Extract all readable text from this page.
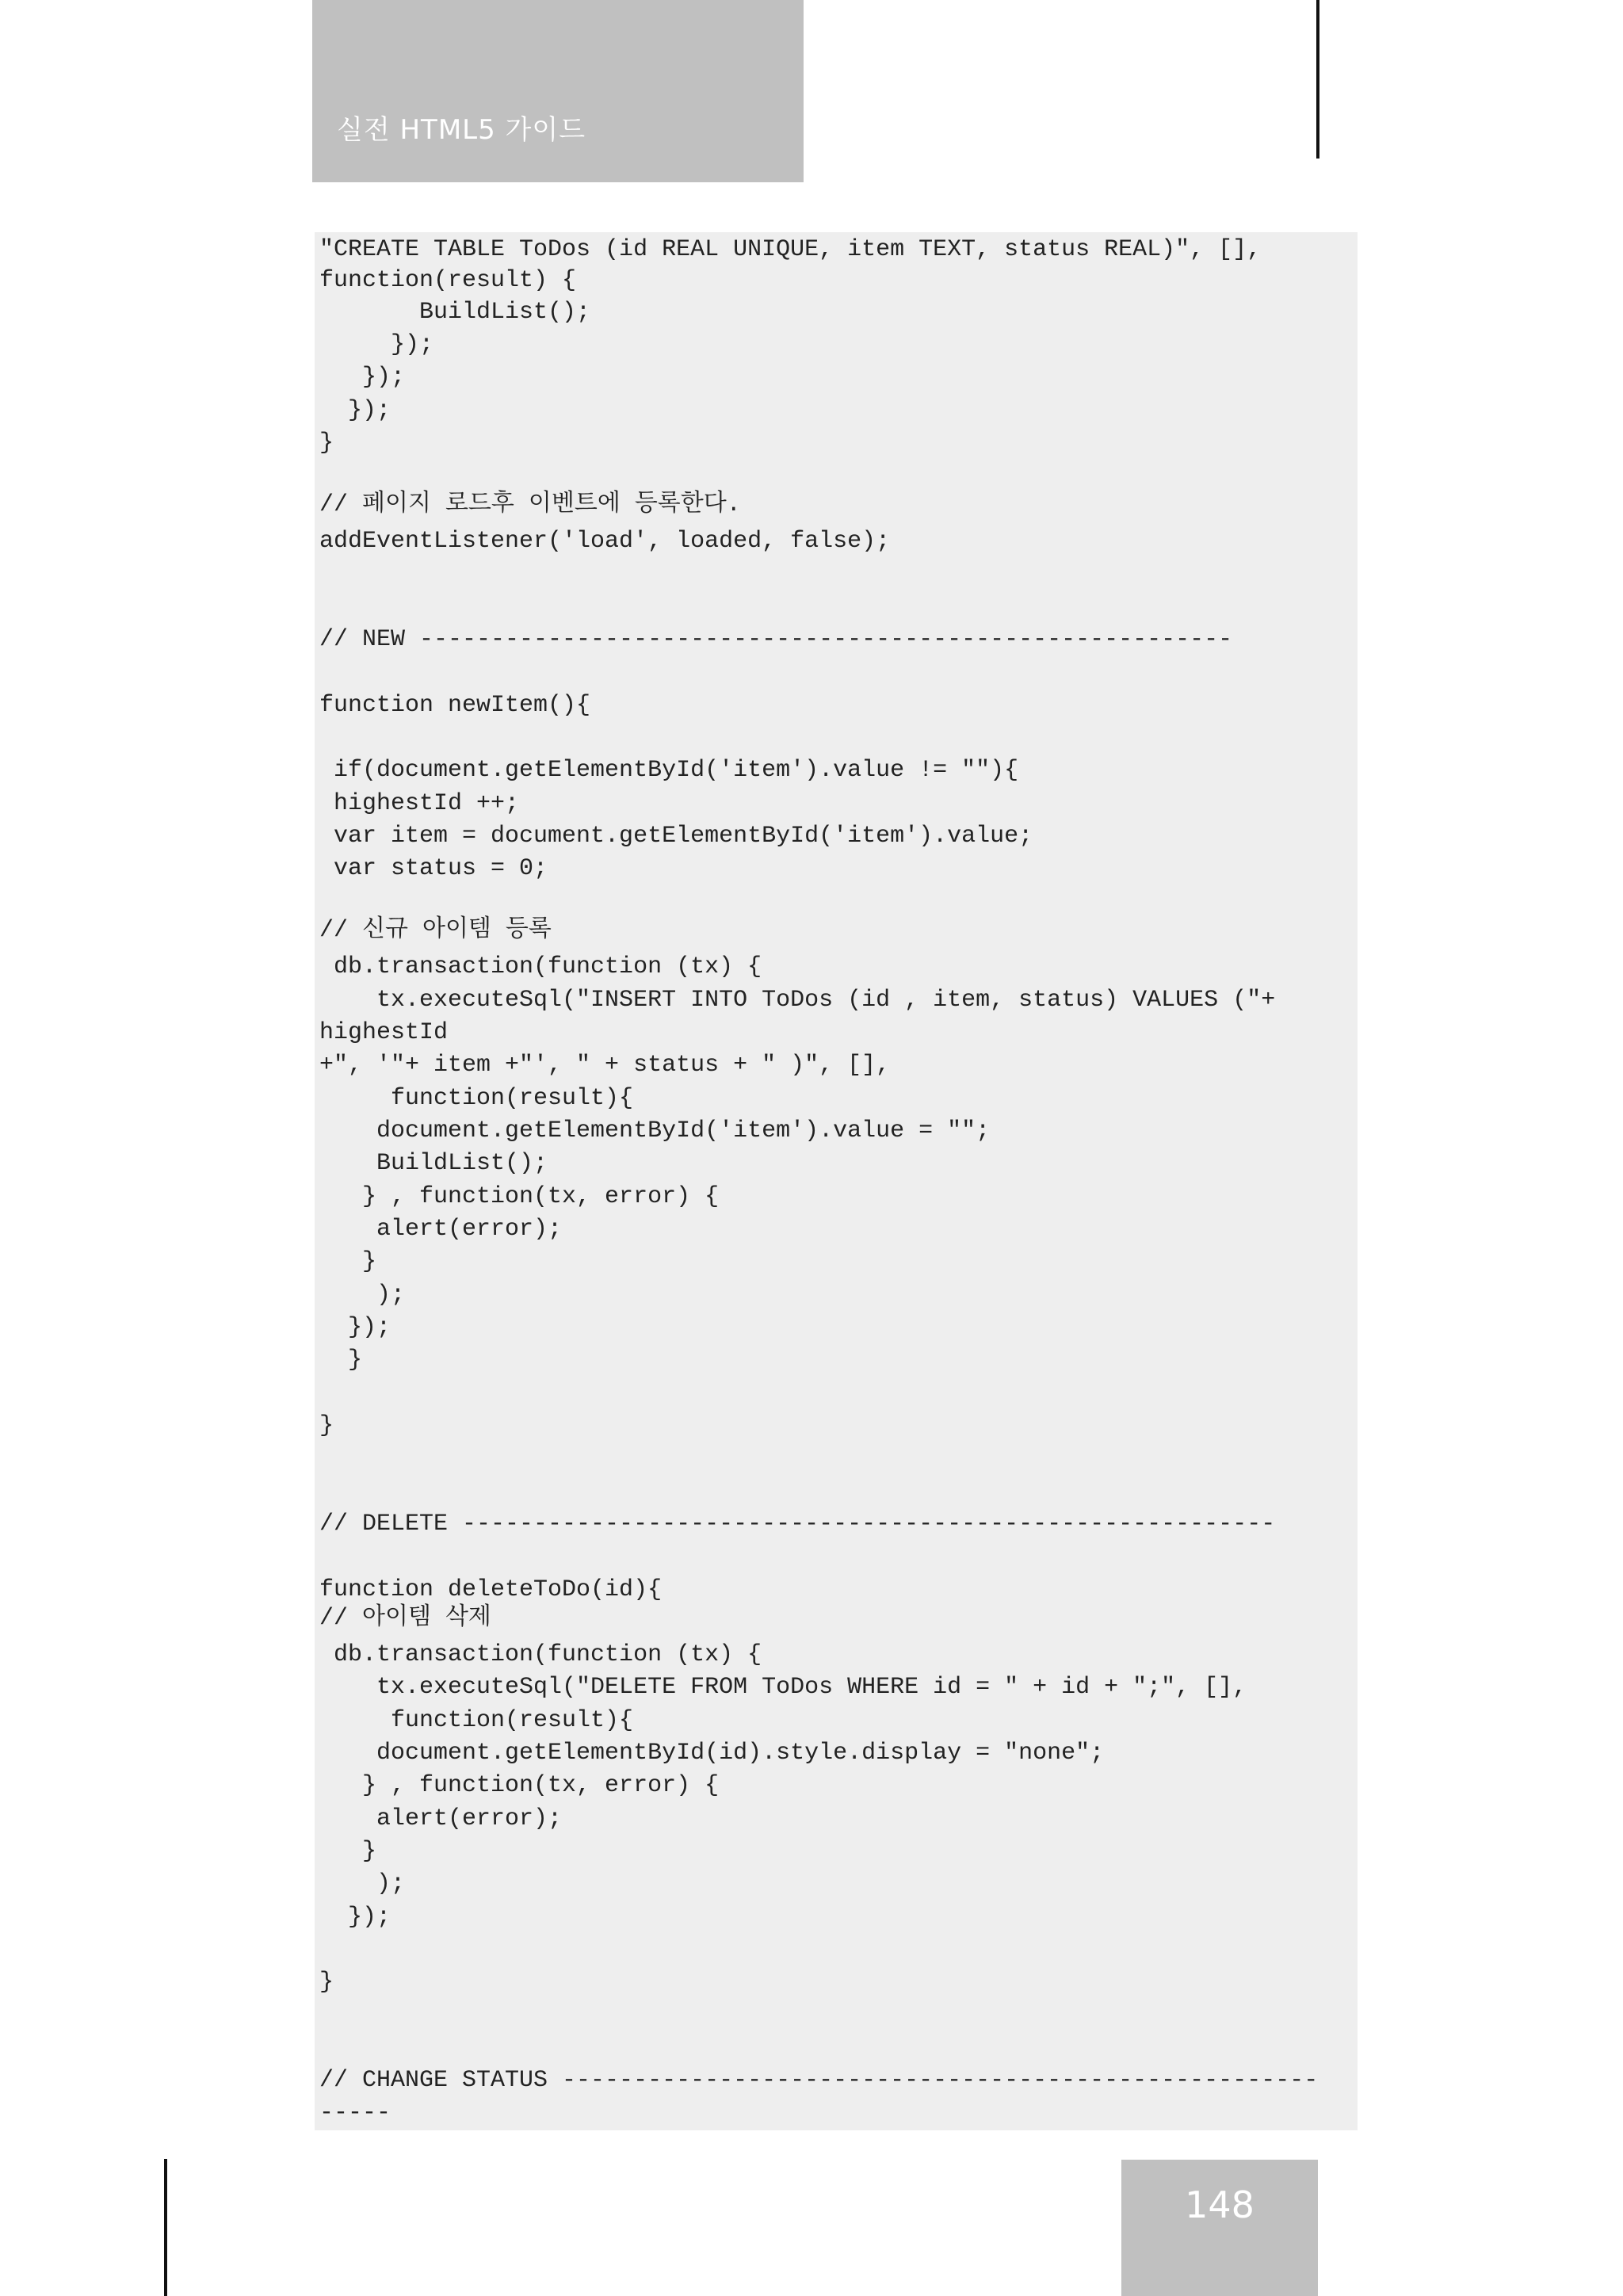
실전 HTML5 가이드
"CREATE TABLE ToDos (id REAL UNIQUE, item TEXT, status REAL)", [],
function(result) {
BuildList();
});
});
});
}
// 페이지 로드후 이벤트에 등록한다.
addEventListener('load', loaded, false);
// NEW ---------------------------------------------------------
function newItem(){
if(document.getElementById('item').value != ""){
highestId ++;
var item = document.getElementById('item').value;
var status = 0;
// 신규 아이템 등록
db.transaction(function (tx) {
tx.executeSql("INSERT INTO ToDos (id , item, status) VALUES ("+
highestId
+", '"+ item +"', " + status + " )", [],
function(result){
document.getElementById('item').value = "";
BuildList();
} , function(tx, error) {
alert(error);
}
);
});
}
}
// DELETE ---------------------------------------------------------
function deleteToDo(id){
// 아이템 삭제
db.transaction(function (tx) {
tx.executeSql("DELETE FROM ToDos WHERE id = " + id + ";", [],
function(result){
document.getElementById(id).style.display = "none";
} , function(tx, error) {
alert(error);
}
);
});
}
// CHANGE STATUS -----------------------------------------------------
-----
148
